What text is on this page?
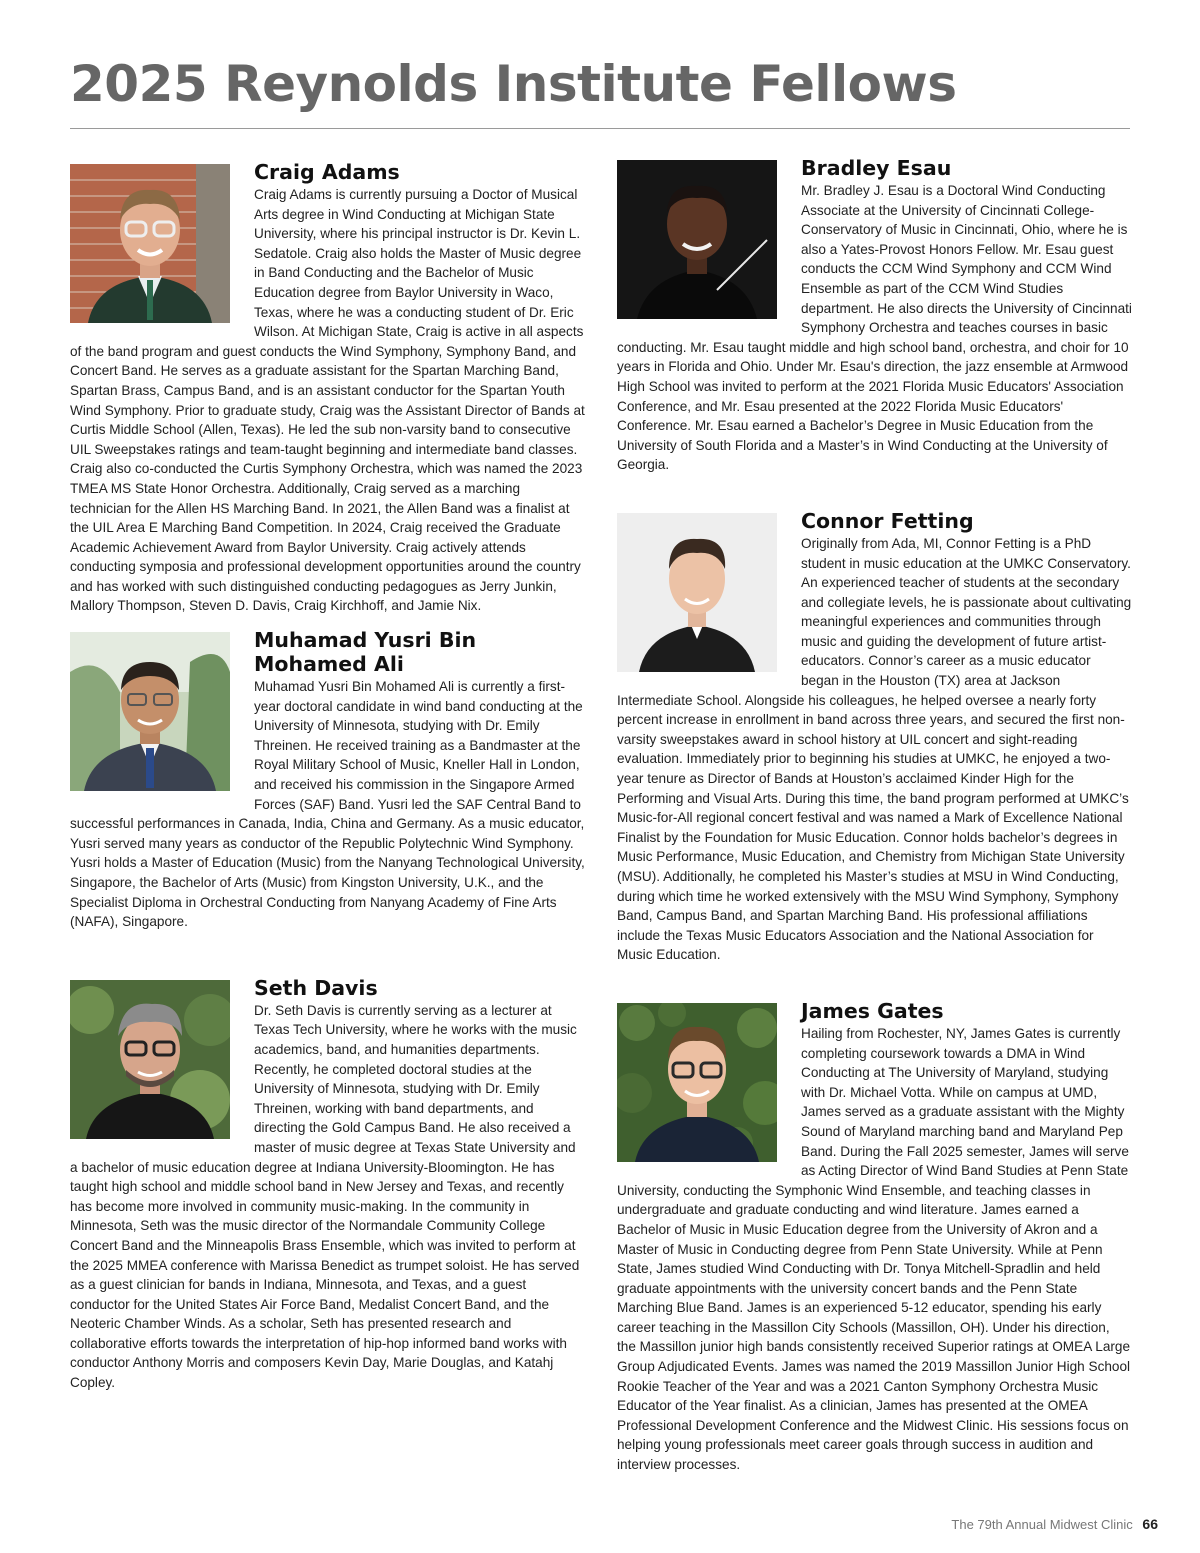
2025 Reynolds Institute Fellows
Craig Adams

Craig Adams is currently pursuing a Doctor of Musical Arts degree in Wind Conducting at Michigan State University, where his principal instructor is Dr. Kevin L. Sedatole. Craig also holds the Master of Music degree in Band Conducting and the Bachelor of Music Education degree from Baylor University in Waco, Texas, where he was a conducting student of Dr. Eric Wilson. At Michigan State, Craig is active in all aspects of the band program and guest conducts the Wind Symphony, Symphony Band, and Concert Band. He serves as a graduate assistant for the Spartan Marching Band, Spartan Brass, Campus Band, and is an assistant conductor for the Spartan Youth Wind Symphony. Prior to graduate study, Craig was the Assistant Director of Bands at Curtis Middle School (Allen, Texas). He led the sub non-varsity band to consecutive UIL Sweepstakes ratings and team-taught beginning and intermediate band classes. Craig also co-conducted the Curtis Symphony Orchestra, which was named the 2023 TMEA MS State Honor Orchestra. Additionally, Craig served as a marching technician for the Allen HS Marching Band. In 2021, the Allen Band was a finalist at the UIL Area E Marching Band Competition. In 2024, Craig received the Graduate Academic Achievement Award from Baylor University. Craig actively attends conducting symposia and professional development opportunities around the country and has worked with such distinguished conducting pedagogues as Jerry Junkin, Mallory Thompson, Steven D. Davis, Craig Kirchhoff, and Jamie Nix.

Muhamad Yusri Bin Mohamed Ali

Muhamad Yusri Bin Mohamed Ali is currently a first-year doctoral candidate in wind band conducting at the University of Minnesota, studying with Dr. Emily Threinen. He received training as a Bandmaster at the Royal Military School of Music, Kneller Hall in London, and received his commission in the Singapore Armed Forces (SAF) Band. Yusri led the SAF Central Band to successful performances in Canada, India, China and Germany. As a music educator, Yusri served many years as conductor of the Republic Polytechnic Wind Symphony. Yusri holds a Master of Education (Music) from the Nanyang Technological University, Singapore, the Bachelor of Arts (Music) from Kingston University, U.K., and the Specialist Diploma in Orchestral Conducting from Nanyang Academy of Fine Arts (NAFA), Singapore.

Seth Davis

Dr. Seth Davis is currently serving as a lecturer at Texas Tech University, where he works with the music academics, band, and humanities departments. Recently, he completed doctoral studies at the University of Minnesota, studying with Dr. Emily Threinen, working with band departments, and directing the Gold Campus Band. He also received a master of music degree at Texas State University and a bachelor of music education degree at Indiana University-Bloomington. He has taught high school and middle school band in New Jersey and Texas, and recently has become more involved in community music-making. In the community in Minnesota, Seth was the music director of the Normandale Community College Concert Band and the Minneapolis Brass Ensemble, which was invited to perform at the 2025 MMEA conference with Marissa Benedict as trumpet soloist. He has served as a guest clinician for bands in Indiana, Minnesota, and Texas, and a guest conductor for the United States Air Force Band, Medalist Concert Band, and the Neoteric Chamber Winds. As a scholar, Seth has presented research and collaborative efforts towards the interpretation of hip-hop informed band works with conductor Anthony Morris and composers Kevin Day, Marie Douglas, and Katahj Copley.

Bradley Esau

Mr. Bradley J. Esau is a Doctoral Wind Conducting Associate at the University of Cincinnati College-Conservatory of Music in Cincinnati, Ohio, where he is also a Yates-Provost Honors Fellow. Mr. Esau guest conducts the CCM Wind Symphony and CCM Wind Ensemble as part of the CCM Wind Studies department. He also directs the University of Cincinnati Symphony Orchestra and teaches courses in basic conducting. Mr. Esau taught middle and high school band, orchestra, and choir for 10 years in Florida and Ohio. Under Mr. Esau's direction, the jazz ensemble at Armwood High School was invited to perform at the 2021 Florida Music Educators' Association Conference, and Mr. Esau presented at the 2022 Florida Music Educators' Conference. Mr. Esau earned a Bachelor’s Degree in Music Education from the University of South Florida and a Master’s in Wind Conducting at the University of Georgia.

Connor Fetting

Originally from Ada, MI, Connor Fetting is a PhD student in music education at the UMKC Conservatory. An experienced teacher of students at the secondary and collegiate levels, he is passionate about cultivating meaningful experiences and communities through music and guiding the development of future artist-educators. Connor’s career as a music educator began in the Houston (TX) area at Jackson Intermediate School. Alongside his colleagues, he helped oversee a nearly forty percent increase in enrollment in band across three years, and secured the first non-varsity sweepstakes award in school history at UIL concert and sight-reading evaluation. Immediately prior to beginning his studies at UMKC, he enjoyed a two-year tenure as Director of Bands at Houston’s acclaimed Kinder High for the Performing and Visual Arts. During this time, the band program performed at UMKC’s Music-for-All regional concert festival and was named a Mark of Excellence National Finalist by the Foundation for Music Education. Connor holds bachelor’s degrees in Music Performance, Music Education, and Chemistry from Michigan State University (MSU). Additionally, he completed his Master’s studies at MSU in Wind Conducting, during which time he worked extensively with the MSU Wind Symphony, Symphony Band, Campus Band, and Spartan Marching Band. His professional affiliations include the Texas Music Educators Association and the National Association for Music Education.

James Gates

Hailing from Rochester, NY, James Gates is currently completing coursework towards a DMA in Wind Conducting at The University of Maryland, studying with Dr. Michael Votta. While on campus at UMD, James served as a graduate assistant with the Mighty Sound of Maryland marching band and Maryland Pep Band. During the Fall 2025 semester, James will serve as Acting Director of Wind Band Studies at Penn State University, conducting the Symphonic Wind Ensemble, and teaching classes in undergraduate and graduate conducting and wind literature. James earned a Bachelor of Music in Music Education degree from the University of Akron and a Master of Music in Conducting degree from Penn State University. While at Penn State, James studied Wind Conducting with Dr. Tonya Mitchell-Spradlin and held graduate appointments with the university concert bands and the Penn State Marching Blue Band. James is an experienced 5-12 educator, spending his early career teaching in the Massillon City Schools (Massillon, OH). Under his direction, the Massillon junior high bands consistently received Superior ratings at OMEA Large Group Adjudicated Events. James was named the 2019 Massillon Junior High School Rookie Teacher of the Year and was a 2021 Canton Symphony Orchestra Music Educator of the Year finalist. As a clinician, James has presented at the OMEA Professional Development Conference and the Midwest Clinic. His sessions focus on helping young professionals meet career goals through success in audition and interview processes.

The 79th Annual Midwest Clinic 66
